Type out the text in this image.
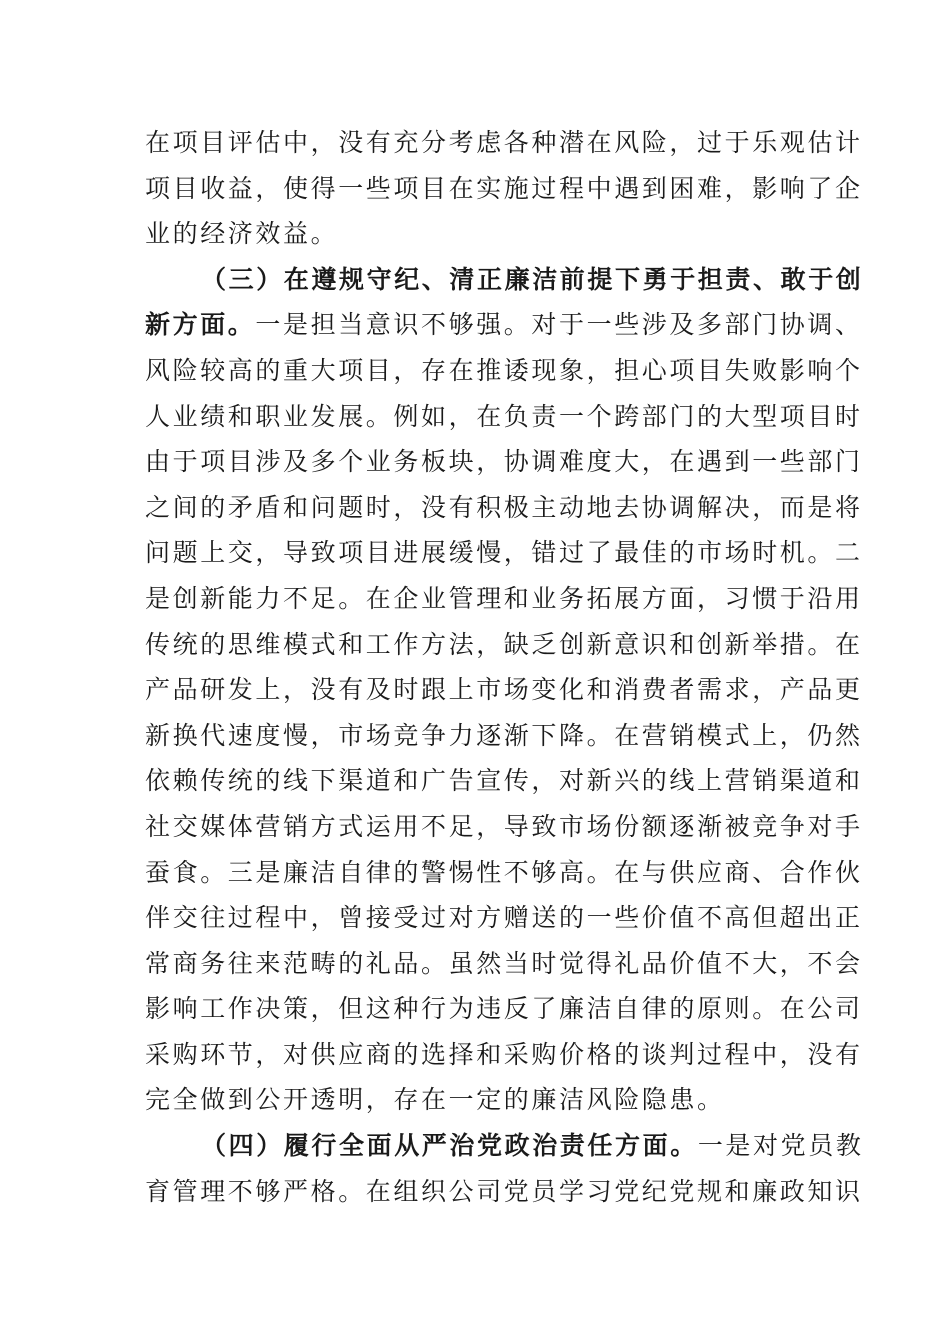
在项目评估中，没有充分考虑各种潜在风险，过于乐观估计
项目收益，使得一些项目在实施过程中遇到困难，影响了企
业的经济效益。
（三）在遵规守纪、清正廉洁前提下勇于担责、敢于创
新方面。一是担当意识不够强。对于一些涉及多部门协调、
风险较高的重大项目，存在推诿现象，担心项目失败影响个
人业绩和职业发展。例如，在负责一个跨部门的大型项目时
由于项目涉及多个业务板块，协调难度大，在遇到一些部门
之间的矛盾和问题时，没有积极主动地去协调解决，而是将
问题上交，导致项目进展缓慢，错过了最佳的市场时机。二
是创新能力不足。在企业管理和业务拓展方面，习惯于沿用
传统的思维模式和工作方法，缺乏创新意识和创新举措。在
产品研发上，没有及时跟上市场变化和消费者需求，产品更
新换代速度慢，市场竞争力逐渐下降。在营销模式上，仍然
依赖传统的线下渠道和广告宣传，对新兴的线上营销渠道和
社交媒体营销方式运用不足，导致市场份额逐渐被竞争对手
蚕食。三是廉洁自律的警惕性不够高。在与供应商、合作伙
伴交往过程中，曾接受过对方赠送的一些价值不高但超出正
常商务往来范畴的礼品。虽然当时觉得礼品价值不大，不会
影响工作决策，但这种行为违反了廉洁自律的原则。在公司
采购环节，对供应商的选择和采购价格的谈判过程中，没有
完全做到公开透明，存在一定的廉洁风险隐患。
（四）履行全面从严治党政治责任方面。一是对党员教
育管理不够严格。在组织公司党员学习党纪党规和廉政知识
